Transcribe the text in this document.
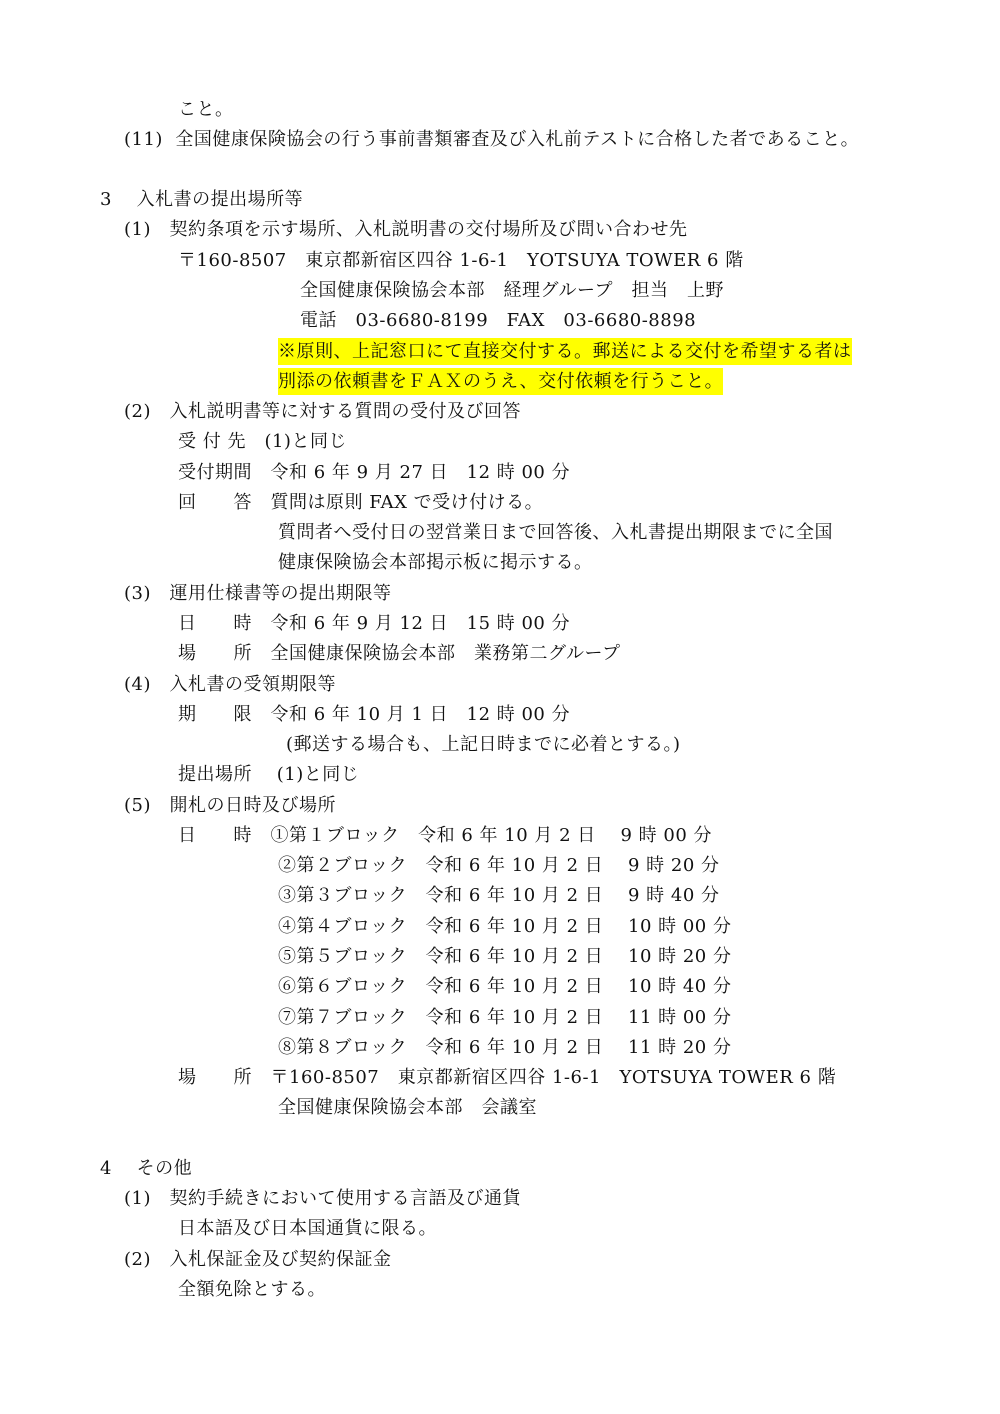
こと。
(11)  全国健康保険協会の行う事前書類審査及び入札前テストに合格した者であること。
3　 入札書の提出場所等
(1)　契約条項を示す場所、入札説明書の交付場所及び問い合わせ先
〒160-8507　東京都新宿区四谷 1-6-1　YOTSUYA TOWER 6 階
全国健康保険協会本部　経理グループ　担当　上野
電話　03-6680-8199　FAX　03-6680-8898
※原則、上記窓口にて直接交付する。郵送による交付を希望する者は
別添の依頼書をＦＡＸのうえ、交付依頼を行うこと。
(2)　入札説明書等に対する質問の受付及び回答
受 付 先　(1)と同じ
受付期間　令和 6 年 9 月 27 日　12 時 00 分
回　　答　質問は原則 FAX で受け付ける。
質問者へ受付日の翌営業日まで回答後、入札書提出期限までに全国
健康保険協会本部掲示板に掲示する。
(3)　運用仕様書等の提出期限等
日　　時　令和 6 年 9 月 12 日　15 時 00 分
場　　所　全国健康保険協会本部　業務第二グループ
(4)　入札書の受領期限等
期　　限　令和 6 年 10 月 1 日　12 時 00 分
(郵送する場合も、上記日時までに必着とする。)
提出場所　 (1)と同じ
(5)　開札の日時及び場所
日　　時　①第１ブロック　令和 6 年 10 月 2 日　 9 時 00 分
②第２ブロック　令和 6 年 10 月 2 日　 9 時 20 分
③第３ブロック　令和 6 年 10 月 2 日　 9 時 40 分
④第４ブロック　令和 6 年 10 月 2 日　 10 時 00 分
⑤第５ブロック　令和 6 年 10 月 2 日　 10 時 20 分
⑥第６ブロック　令和 6 年 10 月 2 日　 10 時 40 分
⑦第７ブロック　令和 6 年 10 月 2 日　 11 時 00 分
⑧第８ブロック　令和 6 年 10 月 2 日　 11 時 20 分
場　　所　〒160-8507　東京都新宿区四谷 1-6-1　YOTSUYA TOWER 6 階
全国健康保険協会本部　会議室
4　 その他
(1)　契約手続きにおいて使用する言語及び通貨
日本語及び日本国通貨に限る。
(2)　入札保証金及び契約保証金
全額免除とする。
